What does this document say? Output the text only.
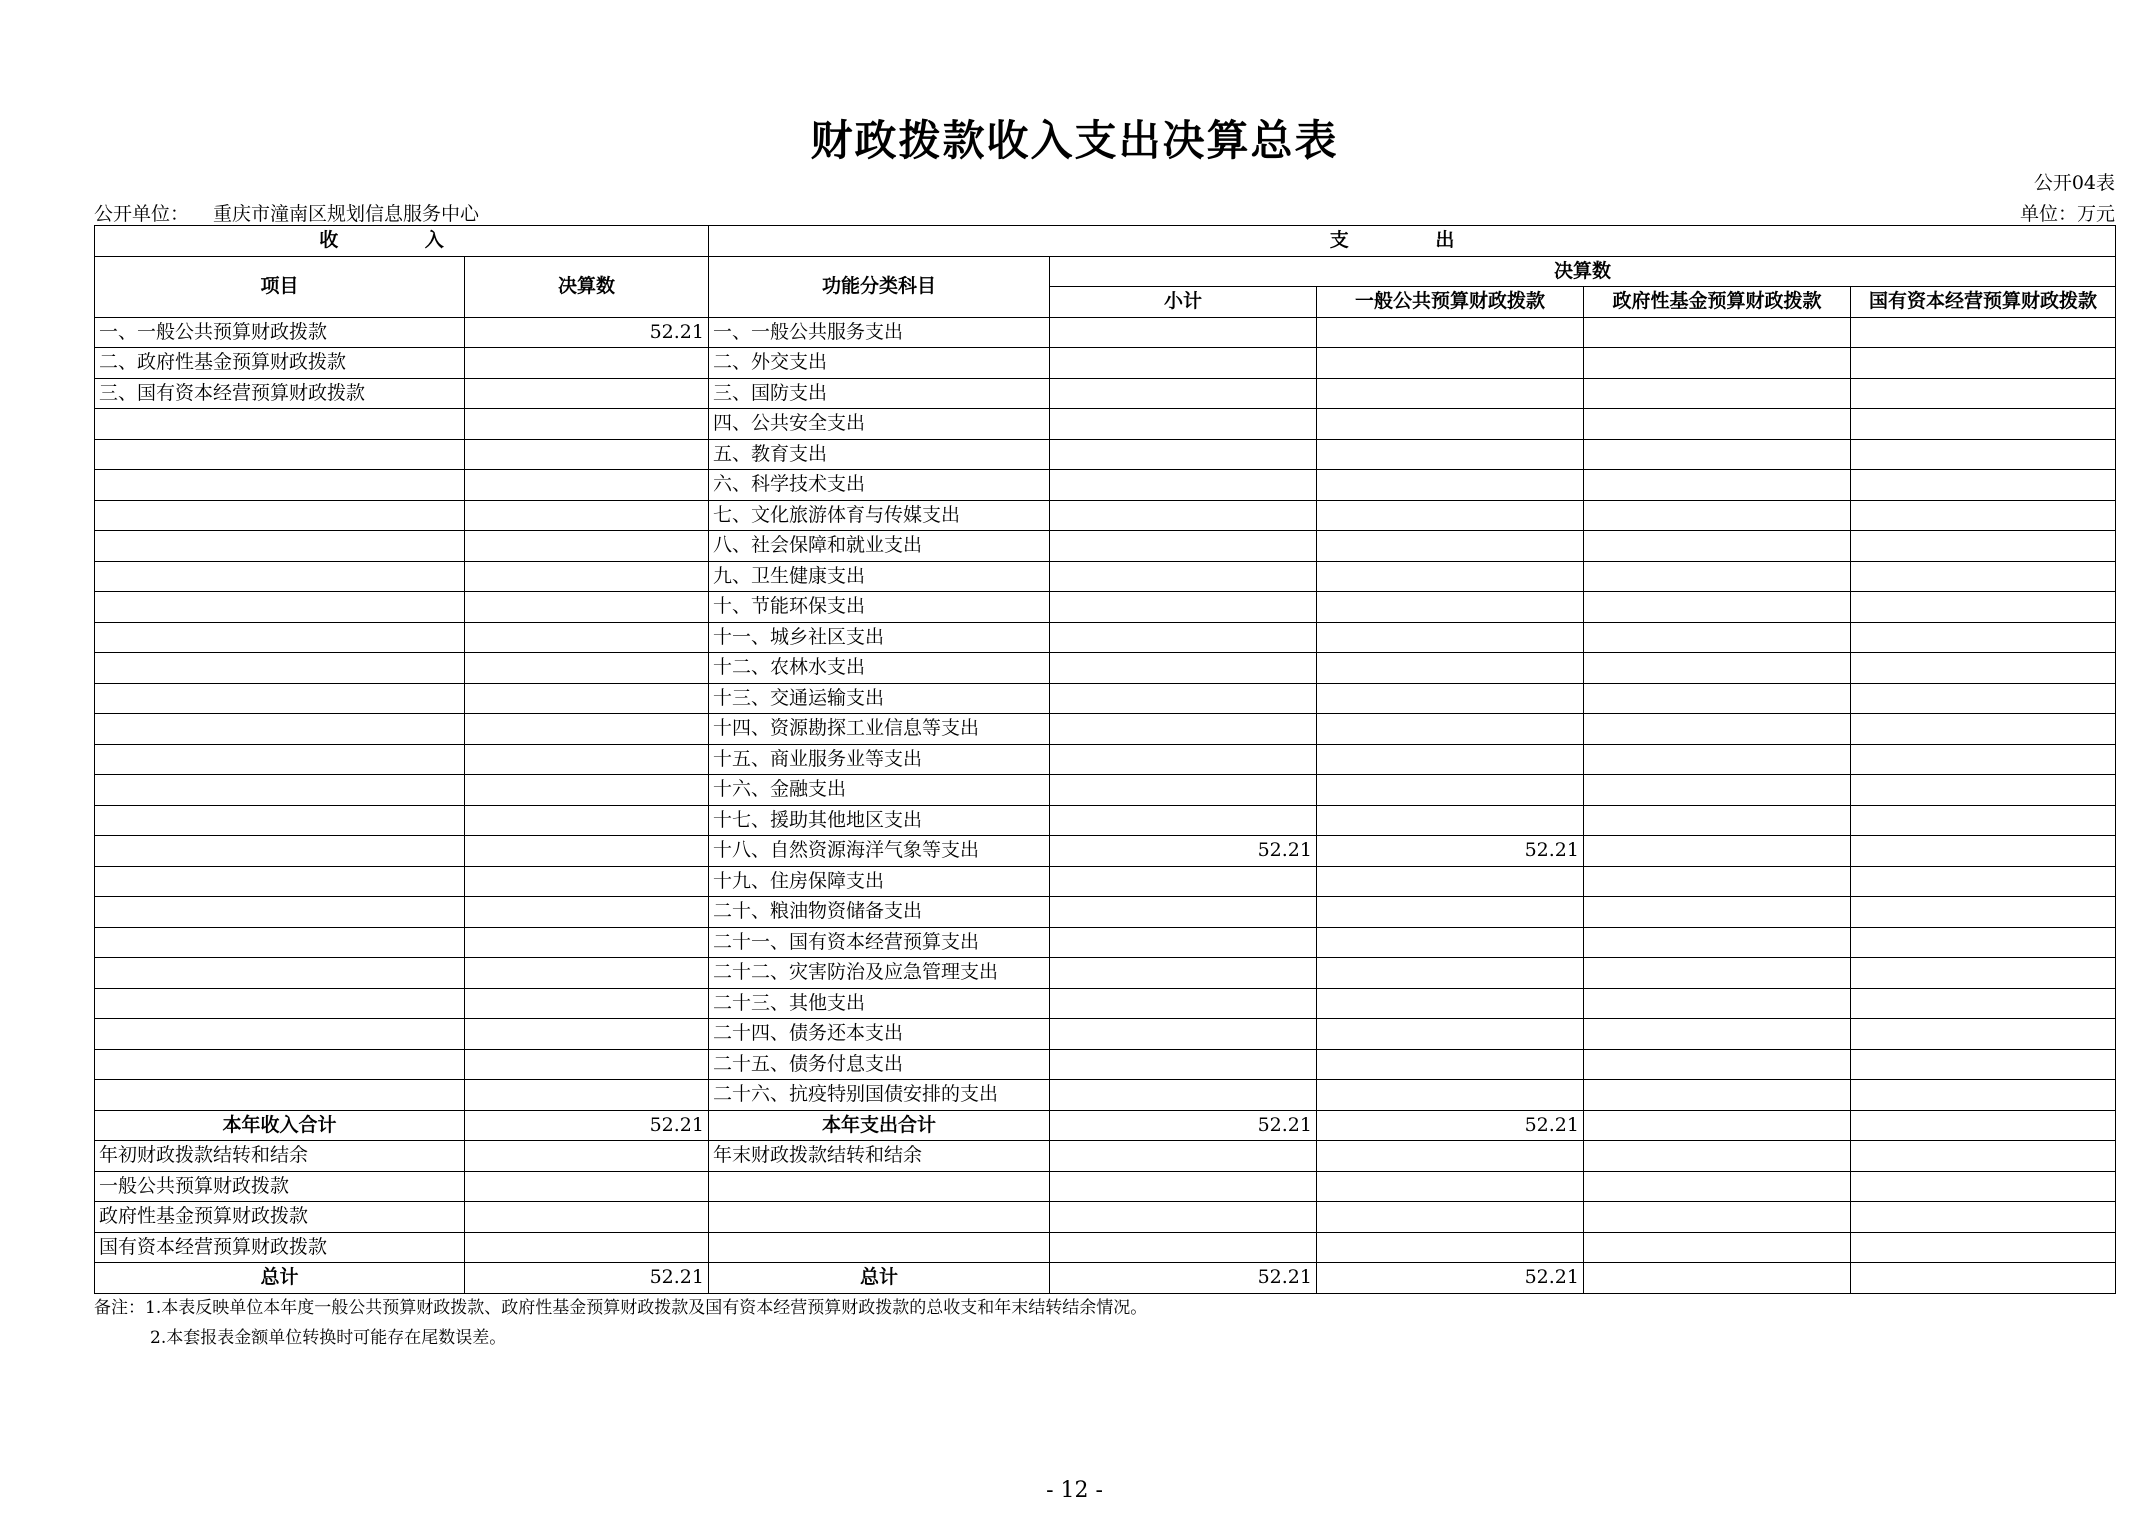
财政拨款收入支出决算总表
公开04表
公开单位： 重庆市潼南区规划信息服务中心	单位：万元
收 入		支 出				
项目	决算数	功能分类科目	决算数			
			小计	一般公共预算财政拨款	政府性基金预算财政拨款	国有资本经营预算财政拨款
一、一般公共预算财政拨款	52.21	一、一般公共服务支出				
二、政府性基金预算财政拨款		二、外交支出				
三、国有资本经营预算财政拨款		三、国防支出				
		四、公共安全支出				
		五、教育支出				
		六、科学技术支出				
		七、文化旅游体育与传媒支出				
		八、社会保障和就业支出				
		九、卫生健康支出				
		十、节能环保支出				
		十一、城乡社区支出				
		十二、农林水支出				
		十三、交通运输支出				
		十四、资源勘探工业信息等支出				
		十五、商业服务业等支出				
		十六、金融支出				
		十七、援助其他地区支出				
		十八、自然资源海洋气象等支出	52.21	52.21		
		十九、住房保障支出				
		二十、粮油物资储备支出				
		二十一、国有资本经营预算支出				
		二十二、灾害防治及应急管理支出				
		二十三、其他支出				
		二十四、债务还本支出				
		二十五、债务付息支出				
		二十六、抗疫特别国债安排的支出				
本年收入合计	52.21	本年支出合计	52.21	52.21		
年初财政拨款结转和结余		年末财政拨款结转和结余				
一般公共预算财政拨款						
政府性基金预算财政拨款						
国有资本经营预算财政拨款						
总计	52.21	总计	52.21	52.21		
备注：1.本表反映单位本年度一般公共预算财政拨款、政府性基金预算财政拨款及国有资本经营预算财政拨款的总收支和年末结转结余情况。
2.本套报表金额单位转换时可能存在尾数误差。
- 12 -
